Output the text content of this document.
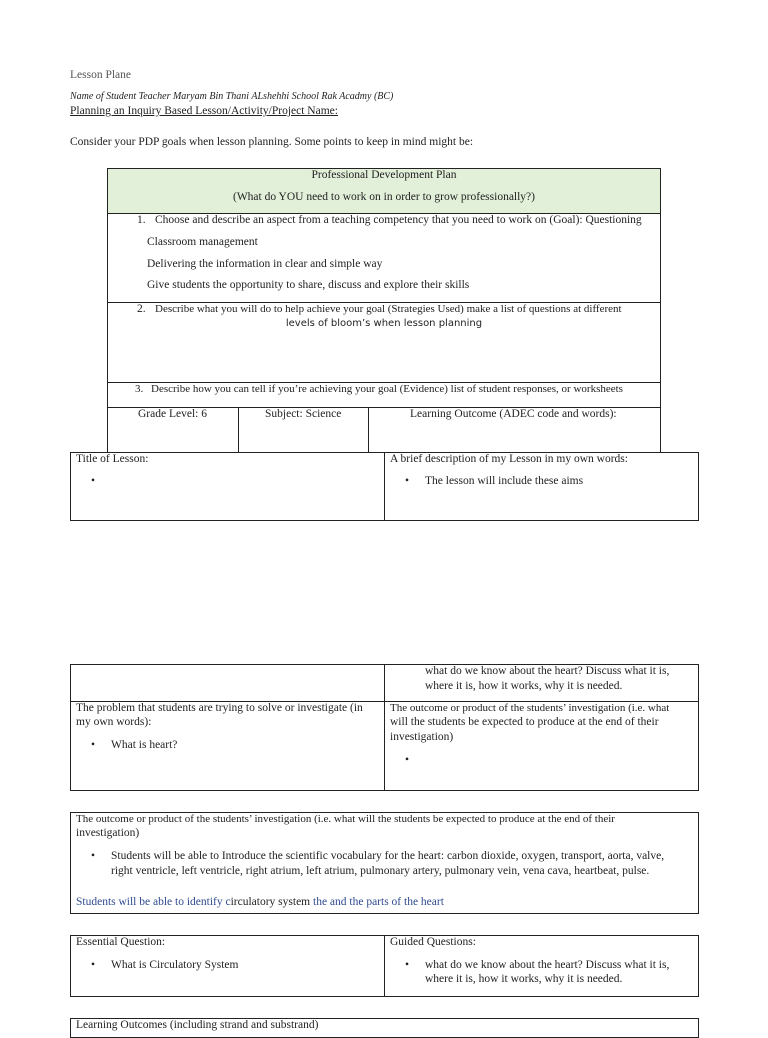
Lesson Plane
Name of Student Teacher Maryam Bin Thani ALshehhi School Rak Acadmy (BC)
Planning an Inquiry Based Lesson/Activity/Project Name:
Consider your PDP goals when lesson planning. Some points to keep in mind might be:
Professional Development Plan
(What do YOU need to work on in order to grow professionally?)
1. Choose and describe an aspect from a teaching competency that you need to work on (Goal): Questioning
Classroom management
Delivering the information in clear and simple way
Give students the opportunity to share, discuss and explore their skills
2. Describe what you will do to help achieve your goal (Strategies Used) make a list of questions at different
levels of bloom’s when lesson planning
3. Describe how you can tell if you’re achieving your goal (Evidence) list of student responses, or worksheets
Grade Level: 6	Subject: Science	Learning Outcome (ADEC code and words):
Title of Lesson:
•
A brief description of my Lesson in my own words:
• The lesson will include these aims
what do we know about the heart? Discuss what it is,
where it is, how it works, why it is needed.
The problem that students are trying to solve or investigate (in
my own words):
• What is heart?
The outcome or product of the students’ investigation (i.e. what
will the students be expected to produce at the end of their
investigation)
•
The outcome or product of the students’ investigation (i.e. what will the students be expected to produce at the end of their
investigation)
• Students will be able to Introduce the scientific vocabulary for the heart: carbon dioxide, oxygen, transport, aorta, valve,
right ventricle, left ventricle, right atrium, left atrium, pulmonary artery, pulmonary vein, vena cava, heartbeat, pulse.
Students will be able to identify circulatory system the and the parts of the heart
Essential Question:
• What is Circulatory System
Guided Questions:
• what do we know about the heart? Discuss what it is,
where it is, how it works, why it is needed.
Learning Outcomes (including strand and substrand)
